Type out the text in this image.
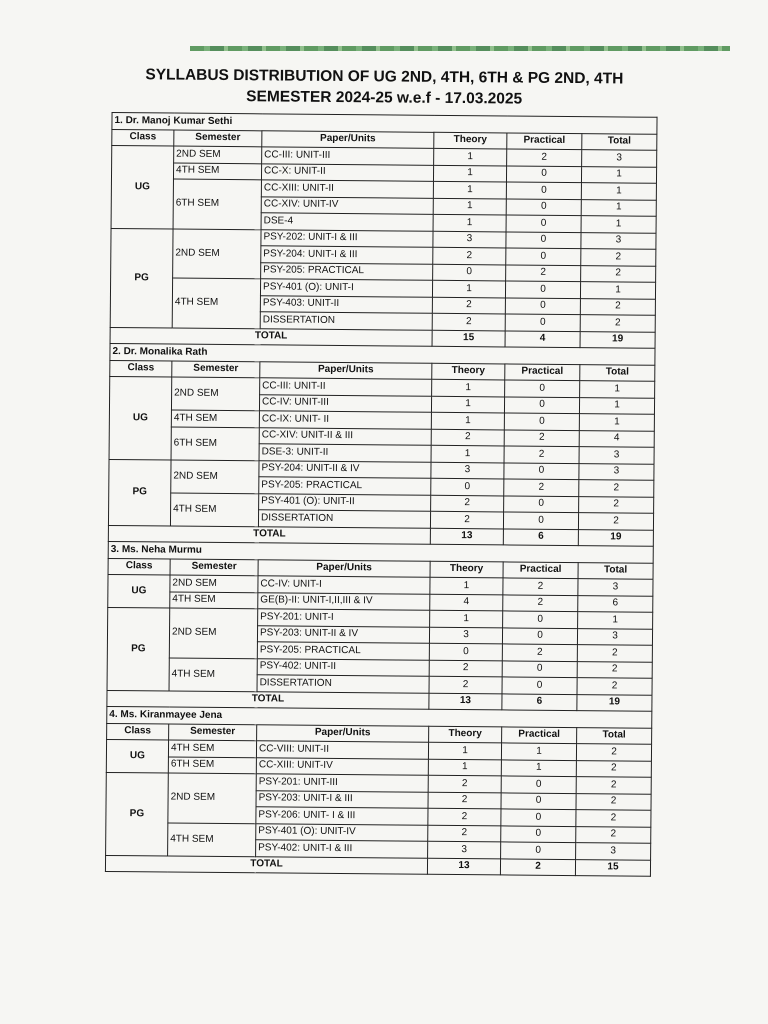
SYLLABUS DISTRIBUTION OF UG 2ND, 4TH, 6TH & PG 2ND, 4TH
SEMESTER 2024-25 w.e.f - 17.03.2025
1. Dr. Manoj Kumar Sethi					
Class	Semester	Paper/Units	Theory	Practical	Total
UG	2ND SEM	CC-III: UNIT-III	1	2	3
	4TH SEM	CC-X: UNIT-II	1	0	1
	6TH SEM	CC-XIII: UNIT-II	1	0	1
		CC-XIV: UNIT-IV	1	0	1
		DSE-4	1	0	1
PG	2ND SEM	PSY-202: UNIT-I & III	3	0	3
		PSY-204: UNIT-I & III	2	0	2
		PSY-205: PRACTICAL	0	2	2
	4TH SEM	PSY-401 (O): UNIT-I	1	0	1
		PSY-403: UNIT-II	2	0	2
		DISSERTATION	2	0	2
TOTAL			15	4	19
2. Dr. Monalika Rath					
Class	Semester	Paper/Units	Theory	Practical	Total
UG	2ND SEM	CC-III: UNIT-II	1	0	1
		CC-IV: UNIT-III	1	0	1
	4TH SEM	CC-IX: UNIT- II	1	0	1
	6TH SEM	CC-XIV: UNIT-II & III	2	2	4
		DSE-3: UNIT-II	1	2	3
PG	2ND SEM	PSY-204: UNIT-II & IV	3	0	3
		PSY-205: PRACTICAL	0	2	2
	4TH SEM	PSY-401 (O): UNIT-II	2	0	2
		DISSERTATION	2	0	2
TOTAL			13	6	19
3. Ms. Neha Murmu					
Class	Semester	Paper/Units	Theory	Practical	Total
UG	2ND SEM	CC-IV: UNIT-I	1	2	3
	4TH SEM	GE(B)-II: UNIT-I,II,III & IV	4	2	6
PG	2ND SEM	PSY-201: UNIT-I	1	0	1
		PSY-203: UNIT-II & IV	3	0	3
		PSY-205: PRACTICAL	0	2	2
	4TH SEM	PSY-402: UNIT-II	2	0	2
		DISSERTATION	2	0	2
TOTAL			13	6	19
4. Ms. Kiranmayee Jena					
Class	Semester	Paper/Units	Theory	Practical	Total
UG	4TH SEM	CC-VIII: UNIT-II	1	1	2
	6TH SEM	CC-XIII: UNIT-IV	1	1	2
PG	2ND SEM	PSY-201: UNIT-III	2	0	2
		PSY-203: UNIT-I & III	2	0	2
		PSY-206: UNIT- I & III	2	0	2
	4TH SEM	PSY-401 (O): UNIT-IV	2	0	2
		PSY-402: UNIT-I & III	3	0	3
TOTAL			13	2	15
